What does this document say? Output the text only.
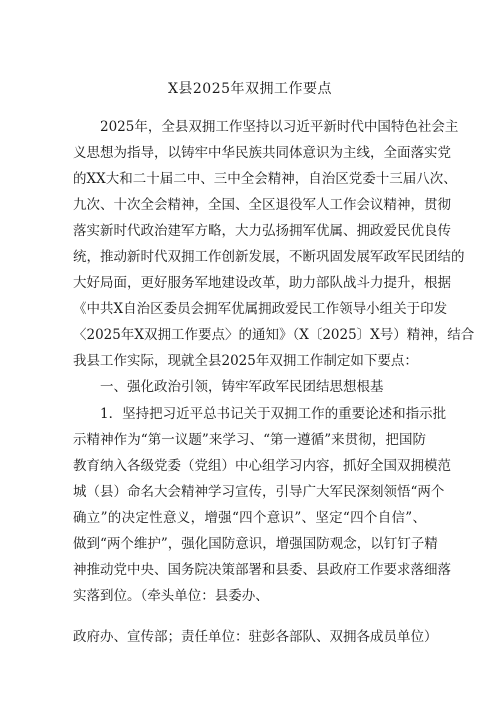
X县2025年双拥工作要点
2025年，全县双拥工作坚持以习近平新时代中国特色社会主
义思想为指导，以铸牢中华民族共同体意识为主线，全面落实党
的XX大和二十届二中、三中全会精神，自治区党委十三届八次、
九次、十次全会精神，全国、全区退役军人工作会议精神，贯彻
落实新时代政治建军方略，大力弘扬拥军优属、拥政爱民优良传
统，推动新时代双拥工作创新发展，不断巩固发展军政军民团结的
大好局面，更好服务军地建设改革，助力部队战斗力提升，根据
《中共X自治区委员会拥军优属拥政爱民工作领导小组关于印发
〈2025年X双拥工作要点〉的通知》（X〔2025〕X号）精神，结合
我县工作实际，现就全县2025年双拥工作制定如下要点：
一、强化政治引领，铸牢军政军民团结思想根基
1．坚持把习近平总书记关于双拥工作的重要论述和指示批
示精神作为“第一议题”来学习、“第一遵循”来贯彻，把国防
教育纳入各级党委（党组）中心组学习内容，抓好全国双拥模范
城（县）命名大会精神学习宣传，引导广大军民深刻领悟“两个
确立”的决定性意义，增强“四个意识”、坚定“四个自信”、
做到“两个维护”，强化国防意识，增强国防观念，以钉钉子精
神推动党中央、国务院决策部署和县委、县政府工作要求落细落
实落到位。（牵头单位：县委办、
政府办、宣传部；责任单位：驻彭各部队、双拥各成员单位）
